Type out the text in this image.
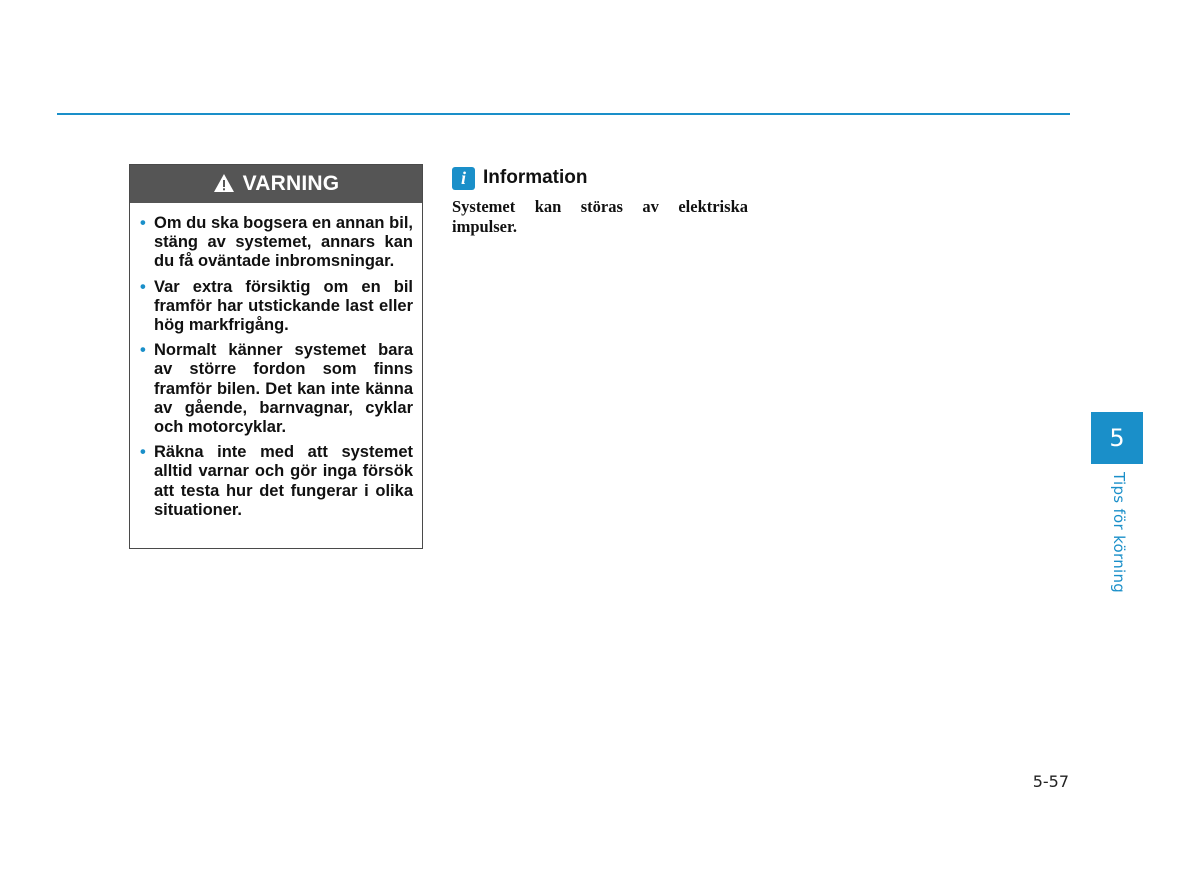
VARNING
• Om du ska bogsera en annan bil, stäng av systemet, annars kan du få oväntade inbromsningar.
• Var extra försiktig om en bil framför har utstickande last eller hög markfrigång.
• Normalt känner systemet bara av större fordon som finns framför bilen. Det kan inte känna av gående, barnvagnar, cyklar och motorcyklar.
• Räkna inte med att systemet alltid varnar och gör inga försök att testa hur det fungerar i olika situationer.
i Information
Systemet kan störas av elektriska impulser.
5
Tips för körning
5-57
